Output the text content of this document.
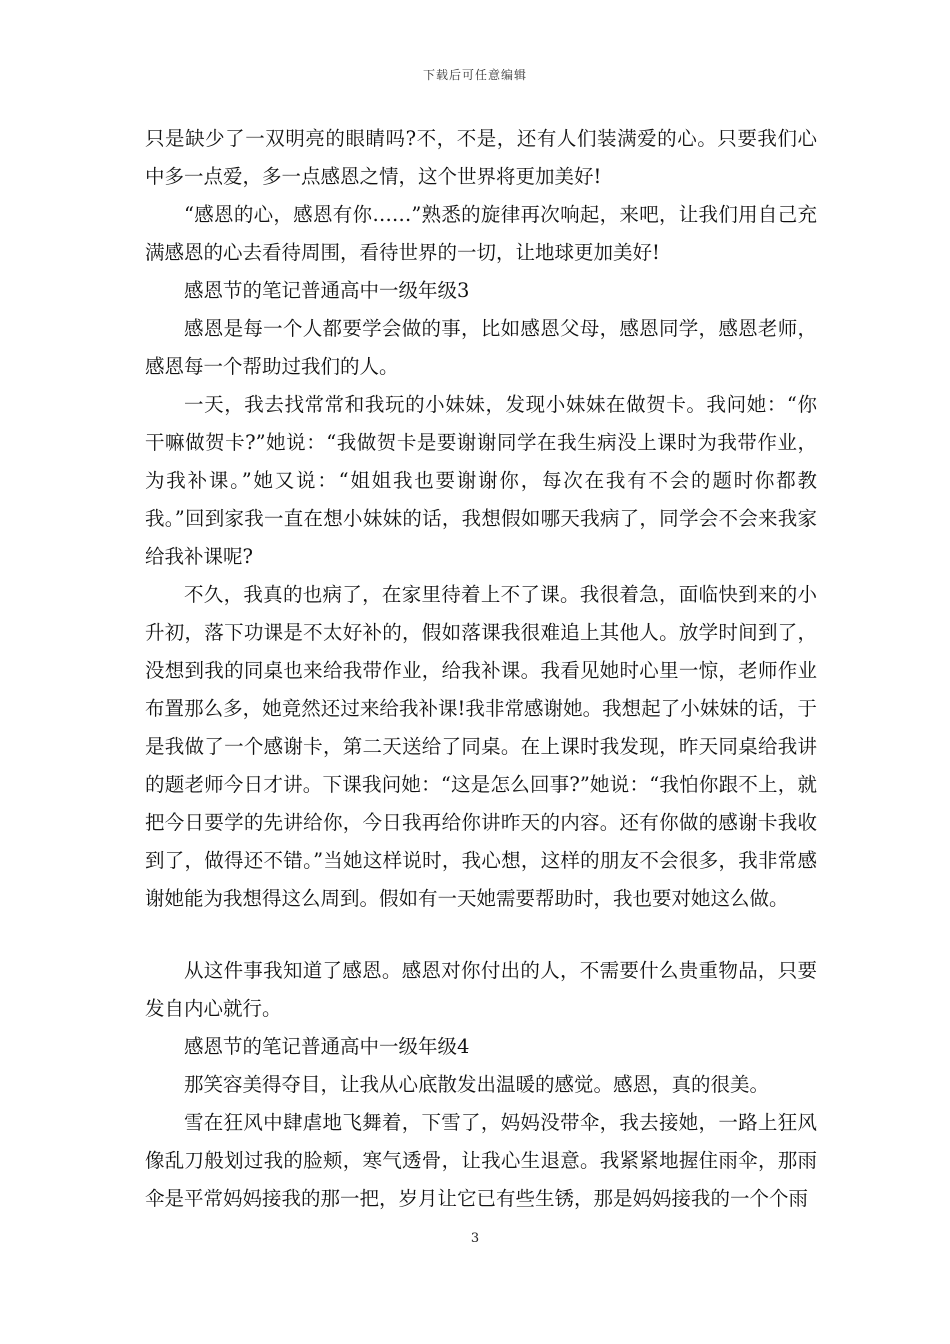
下载后可任意编辑

只是缺少了一双明亮的眼睛吗?不，不是，还有人们装满爱的心。只要我们心中多一点爱，多一点感恩之情，这个世界将更加美好!

“感恩的心，感恩有你……”熟悉的旋律再次响起，来吧，让我们用自己充满感恩的心去看待周围，看待世界的一切，让地球更加美好!

感恩节的笔记普通高中一级年级3

感恩是每一个人都要学会做的事，比如感恩父母，感恩同学，感恩老师，感恩每一个帮助过我们的人。

一天，我去找常常和我玩的小妹妹，发现小妹妹在做贺卡。我问她：“你干嘛做贺卡?”她说：“我做贺卡是要谢谢同学在我生病没上课时为我带作业，为我补课。”她又说：“姐姐我也要谢谢你，每次在我有不会的题时你都教我。”回到家我一直在想小妹妹的话，我想假如哪天我病了，同学会不会来我家给我补课呢?

不久，我真的也病了，在家里待着上不了课。我很着急，面临快到来的小升初，落下功课是不太好补的，假如落课我很难追上其他人。放学时间到了，没想到我的同桌也来给我带作业，给我补课。我看见她时心里一惊，老师作业布置那么多，她竟然还过来给我补课!我非常感谢她。我想起了小妹妹的话，于是我做了一个感谢卡，第二天送给了同桌。在上课时我发现，昨天同桌给我讲的题老师今日才讲。下课我问她：“这是怎么回事?”她说：“我怕你跟不上，就把今日要学的先讲给你，今日我再给你讲昨天的内容。还有你做的感谢卡我收到了，做得还不错。”当她这样说时，我心想，这样的朋友不会很多，我非常感谢她能为我想得这么周到。假如有一天她需要帮助时，我也要对她这么做。

从这件事我知道了感恩。感恩对你付出的人，不需要什么贵重物品，只要发自内心就行。

感恩节的笔记普通高中一级年级4

那笑容美得夺目，让我从心底散发出温暖的感觉。感恩，真的很美。

雪在狂风中肆虐地飞舞着，下雪了，妈妈没带伞，我去接她，一路上狂风像乱刀般划过我的脸颊，寒气透骨，让我心生退意。我紧紧地握住雨伞，那雨伞是平常妈妈接我的那一把，岁月让它已有些生锈，那是妈妈接我的一个个雨

3
